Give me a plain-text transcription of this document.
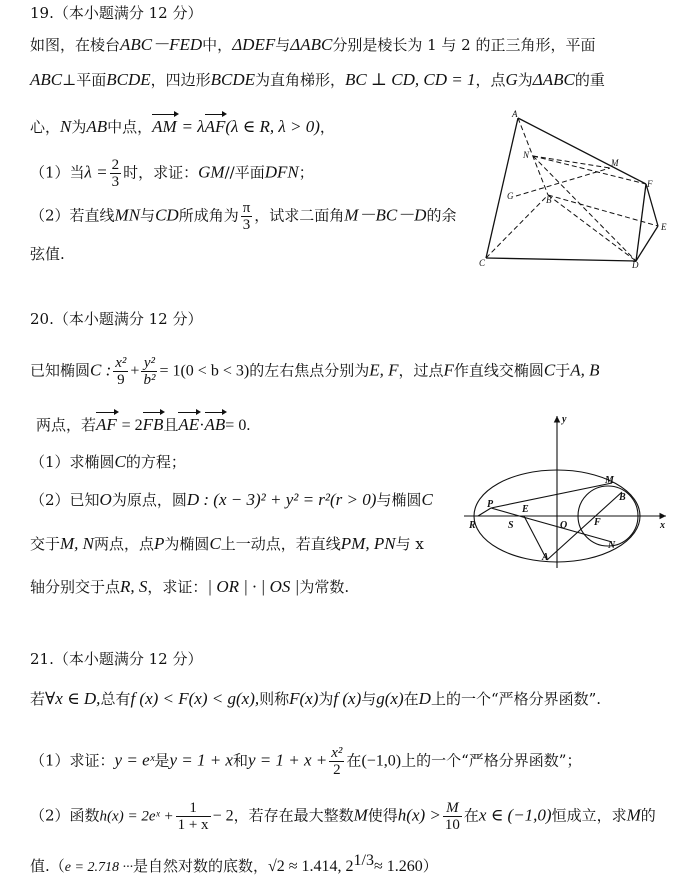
19.（本小题满分 12 分）
如图，在棱台ABC－FED中，ΔDEF与ΔABC分别是棱长为 1 与 2 的正三角形，平面
ABC⊥平面BCDE，四边形BCDE为直角梯形，BC ⊥ CD, CD = 1，点G为ΔABC的重
心，N为AB中点，AM = λAF(λ ∈ R, λ > 0)，
（1）当$\lambda = \frac{2}{3}$ 时，求证：GM//平面DFN；
（2）若直线MN与CD所成角为 $\frac{\pi}{3}$ ，试求二面角M－BC－D的余
弦值.
A
N
M
F
G	B
E
C	D
20.（本小题满分 12 分）
已知椭圆C : $\frac{\text{x²}}{9} + \frac{\text{y²}}{\text{b²}} = 1(0 < b < 3)$的左右焦点分别为E, F，过点F作直线交椭圆C于A, B
两点，若AF = 2FB且AE·AB= 0.
（1）求椭圆C的方程；
（2）已知O为原点，圆D : (x − 3)² + y² = r²(r > 0)与椭圆C
交于M, N两点，点P为椭圆C上一动点，若直线PM, PN与 x
轴分别交于点R, S，求证：| OR | · | OS |为常数.
y
x
M
B
P
R	S
E
O	F
N
A
21.（本小题满分 12 分）
若∀x ∈ D,总有f (x) < F(x) < g(x),则称F(x)为f (x)与g(x)在D上的一个“严格分界函数”.
（1）求证：y = eˣ是y = 1 + x和$y = 1 + x + \frac{\text{x²}}{2}$ 在(−1,0)上的一个“严格分界函数”；
（2）函数h(x) = 2eˣ + $\frac{1}{1 + x} - 2$，若存在最大整数M使得$h(x) > \frac{M}{10}$ 在x ∈ (−1,0)恒成立，求M的
值.（e = 2.718 ···是自然对数的底数，√2 ≈ 1.414, $2^{1/3}\approx 1.260$）
